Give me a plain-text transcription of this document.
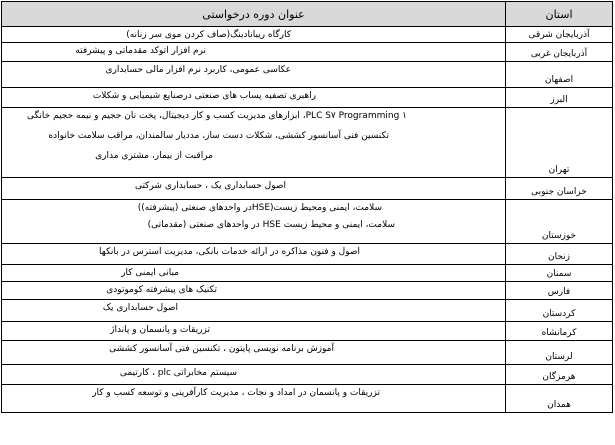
استان	عنوان دوره درخواستی
آذربایجان شرقی	کارگاه ریبانادینگ(صاف کردن موی سر زنانه)

آذربایجان غربی	نرم افزار اتوکد مقدماتی و پیشرفته

اصفهان	عکاسی عمومی، کاربرد نرم افزار مالی حسابداری

البرز	راهبری تصفیه پساب های صنعتی درصنایع شیمیایی و شکلات

تهران	۱ PLC S۷ Programming، ابزارهای مدیریت کسب و کار دیجیتال، پخت نان حجیم و نیمه حجیم خانگی
تکنسین فنی آسانسور کششی، شکلات دست ساز، مددیار سالمندان، مراقب سلامت خانواده
مراقبت از بیمار، مشتری مداری

خراسان جنوبی	اصول حسابداری یک ، حسابداری شرکتی

خوزستان	سلامت، ایمنی ومحیط زیست(HSEدر واحدهای صنعتی (پیشرفته))
سلامت، ایمنی و محیط زیست HSE در واحدهای صنعتی (مقدماتی)

زنجان	اصول و فنون مذاکره در ارائه خدمات بانکی، مدیریت استرس در بانکها

سمنان	مبانی ایمنی کار

فارس	تکنیک های پیشرفته کوموتودی

کردستان	اصول حسابداری یک

کرمانشاه	تزریقات و پانسمان و پانداژ

لرستان	آموزش برنامه نویسی پایتون ، تکنسین فنی آسانسور کششی

هرمزگان	سیستم مخابراتی plc ، کارتیمی

همدان	تزریقات و پانسمان در امداد و نجات ، مدیریت کارآفرینی و توسعه کسب و کار
